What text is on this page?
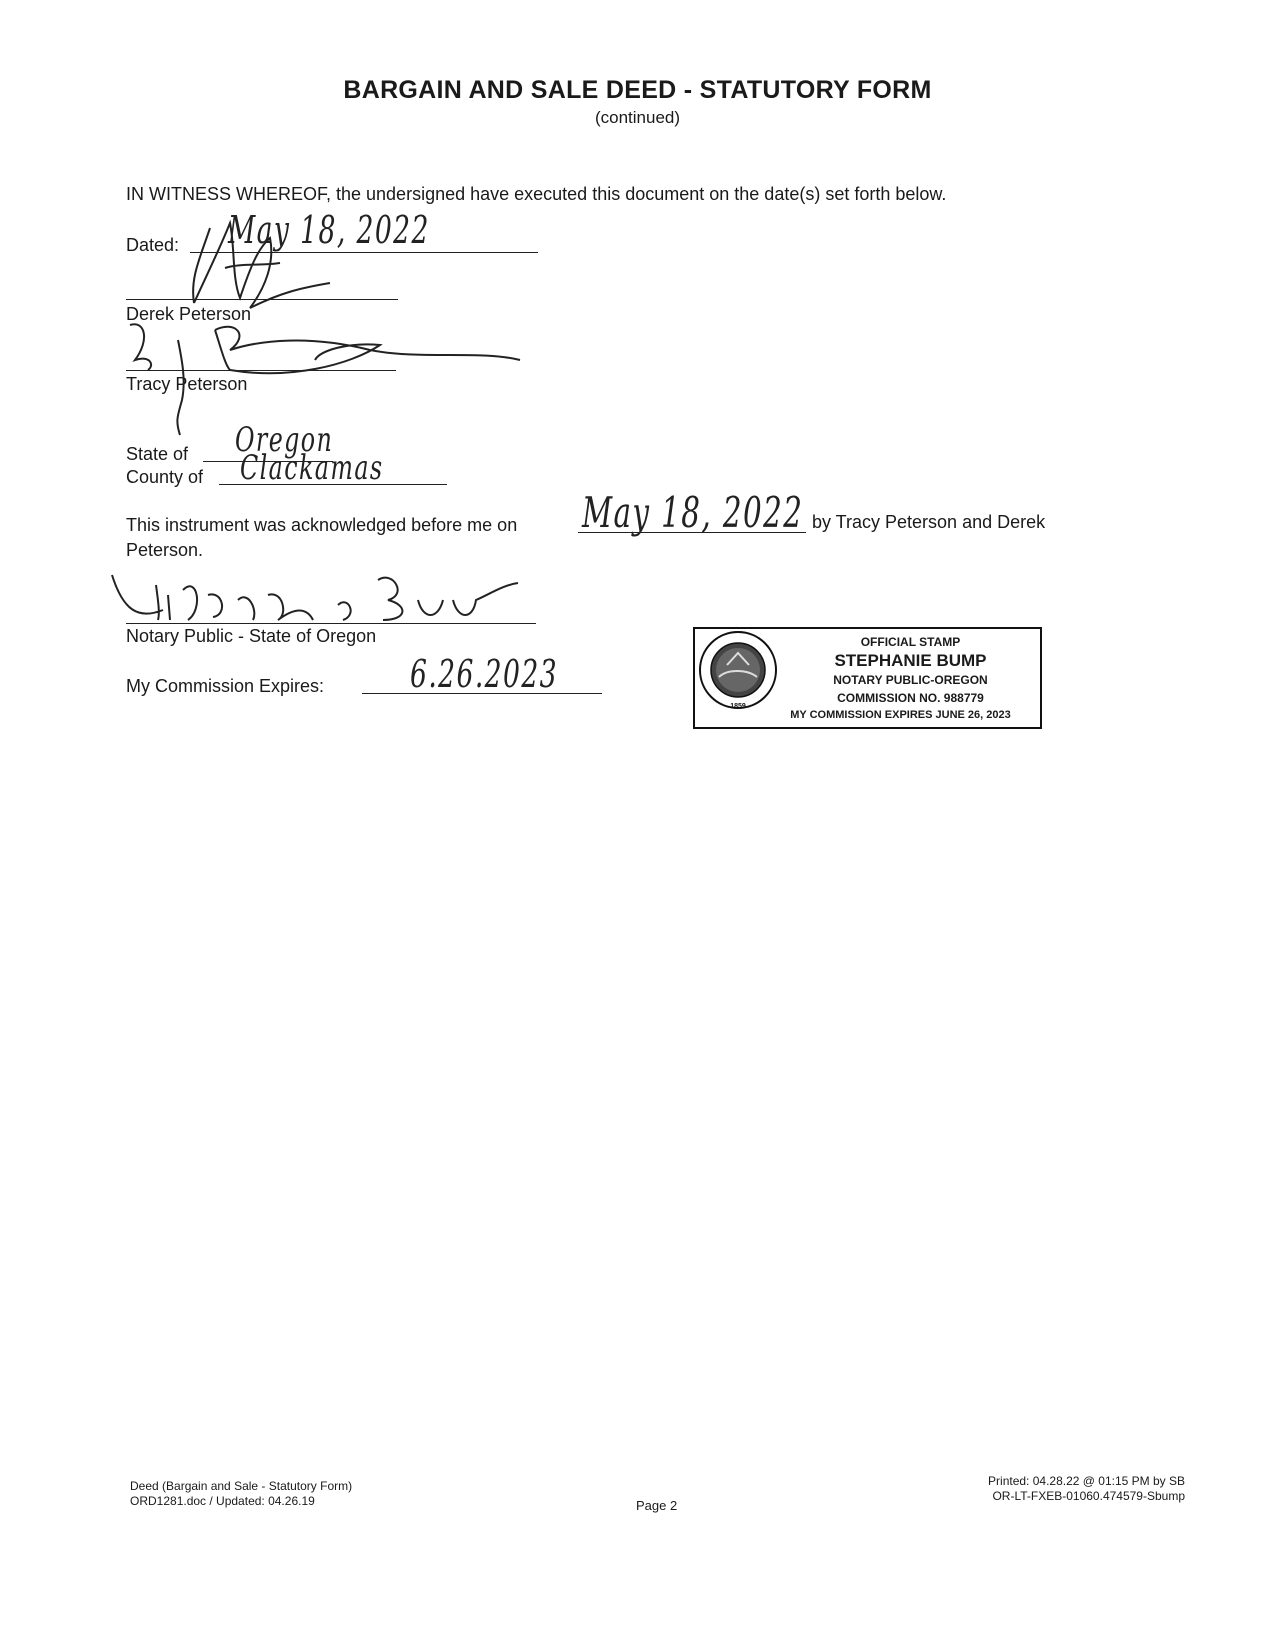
BARGAIN AND SALE DEED - STATUTORY FORM
(continued)
IN WITNESS WHEREOF, the undersigned have executed this document on the date(s) set forth below.
Dated: May 18, 2022
Derek Peterson
Tracy Peterson
State of Oregon
County of Clackamas
This instrument was acknowledged before me on May 18, 2022 by Tracy Peterson and Derek
Peterson.
Notary Public - State of Oregon
My Commission Expires: 6.26.2023
OFFICIAL STAMP
STEPHANIE BUMP
NOTARY PUBLIC-OREGON
COMMISSION NO. 988779
MY COMMISSION EXPIRES JUNE 26, 2023
1859
Deed (Bargain and Sale - Statutory Form)
ORD1281.doc / Updated: 04.26.19	Page 2
Printed: 04.28.22 @ 01:15 PM by SB
OR-LT-FXEB-01060.474579-Sbump
